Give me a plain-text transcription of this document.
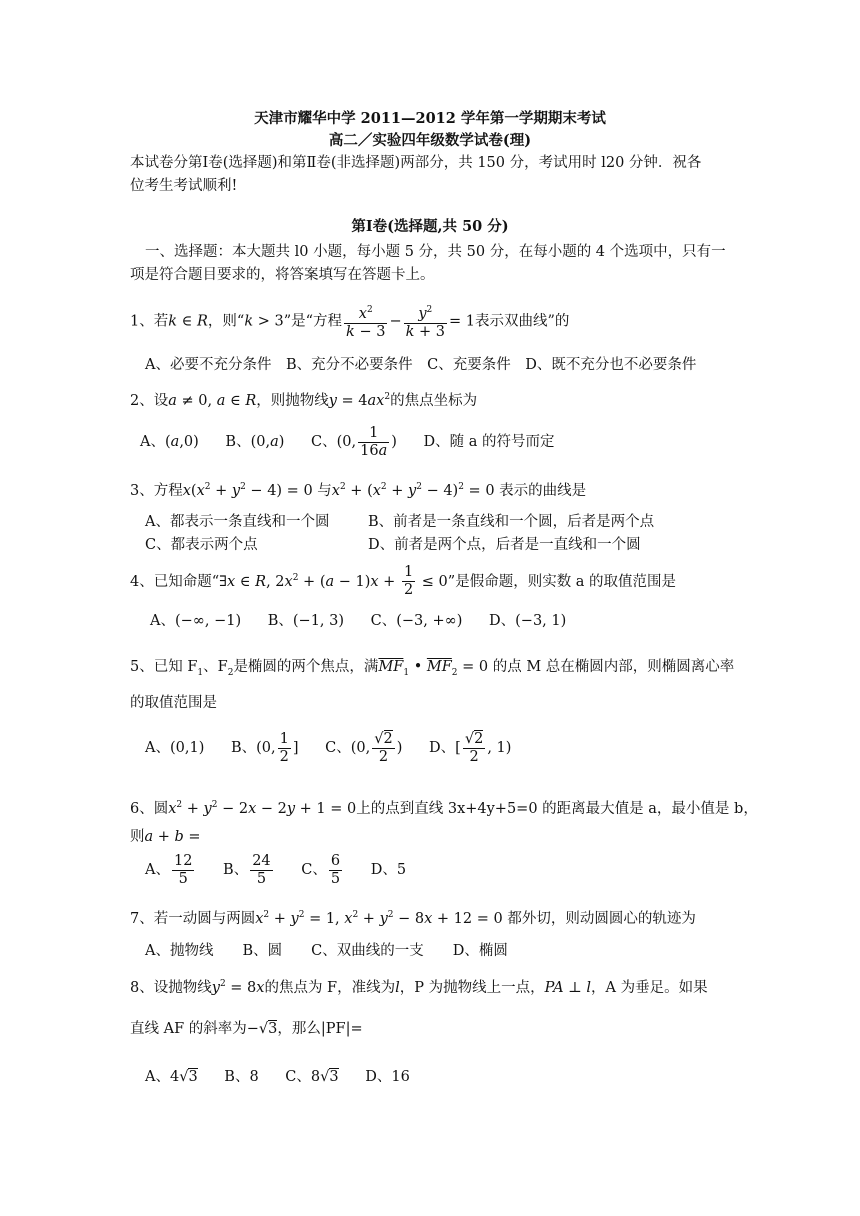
天津市耀华中学 2011—2012 学年第一学期期末考试
高二／实验四年级数学试卷(理)
本试卷分第Ⅰ卷(选择题)和第Ⅱ卷(非选择题)两部分，共 150 分，考试用时 l20 分钟．祝各
位考生考试顺利!
第Ⅰ卷(选择题,共 50 分)
一、选择题：本大题共 l0 小题，每小题 5 分，共 50 分，在每小题的 4 个选项中，只有一
项是符合题目要求的，将答案填写在答题卡上。
1、若k ∈ R，则“k > 3”是“方程 $\frac{x^2}{k - 3} - \frac{y^2}{k + 3} = 1$表示双曲线”的
A、必要不充分条件　B、充分不必要条件　C、充要条件　D、既不充分也不必要条件
2、设a ≠ 0, a ∈ R，则抛物线$y = 4ax^2$的焦点坐标为
A、(a,0) B、(0,a) C、(0, $\frac{1}{16a}$ ) D、随 a 的符号而定
3、方程$x(x^2 + y^2 - 4) = 0$ 与$x^2 + (x^2 + y^2 - 4)^2 = 0$ 表示的曲线是
A、都表示一条直线和一个圆	B、前者是一条直线和一个圆，后者是两个点
C、都表示两个点	D、前者是两个点，后者是一直线和一个圆
4、已知命题“∃x ∈ R, $2x^2 + (a - 1)x + \frac{1}{2} \le 0$”是假命题，则实数 a 的取值范围是
A、(−∞, −1) B、(−1, 3) C、(−3, +∞) D、(−3, 1)
5、已知 $F_1$、$F_2$是椭圆的两个焦点，满$\overline{MF}_1$ • $\overline{MF}_2 = 0$ 的点 M 总在椭圆内部，则椭圆离心率
的取值范围是
A、(0,1) B、(0, $\frac{1}{2}$ ] C、(0, $\frac{√2}{2}$ ) D、[ $\frac{√2}{2}$ , 1)
6、圆$x^2 + y^2 - 2x - 2y + 1 = 0$上的点到直线 3x+4y+5=0 的距离最大值是 a，最小值是 b，
则a + b =
A、 $\frac{12}{5}$ B、 $\frac{24}{5}$ C、 $\frac{6}{5}$ D、5
7、若一动圆与两圆$x^2 + y^2 = 1$, $x^2 + y^2 - 8x + 12 = 0$ 都外切，则动圆圆心的轨迹为
A、抛物线　　B、圆　　C、双曲线的一支　　D、椭圆
8、设抛物线$y^2 = 8x$的焦点为 F，准线为l，P 为抛物线上一点，PA ⊥ l，A 为垂足。如果
直线 AF 的斜率为−√3，那么|PF|=
A、4√3 B、8 C、8√3 D、16
